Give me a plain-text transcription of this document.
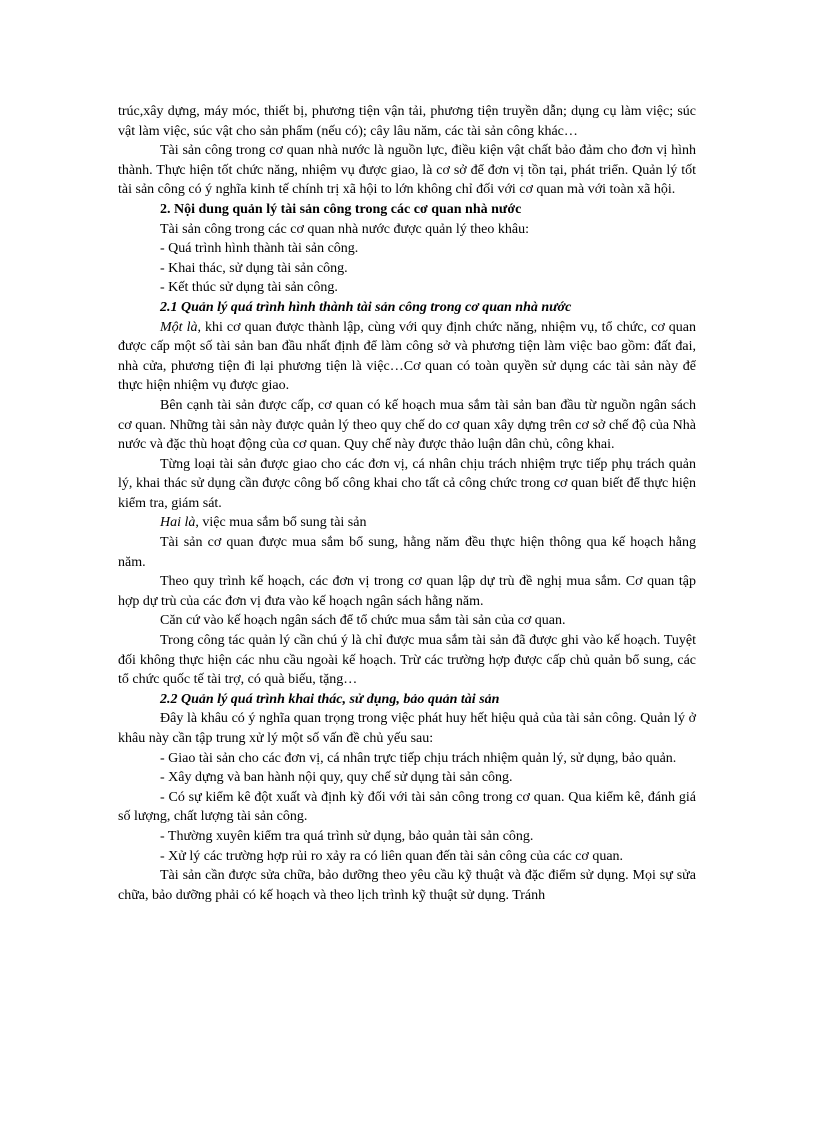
trúc,xây dựng, máy móc, thiết bị, phương tiện vận tải, phương tiện truyền dẫn; dụng cụ làm việc; súc vật làm việc, súc vật cho sản phẩm (nếu có); cây lâu năm, các tài sản công khác…

Tài sản công trong cơ quan nhà nước là nguồn lực, điều kiện vật chất bảo đảm cho đơn vị hình thành. Thực hiện tốt chức năng, nhiệm vụ được giao, là cơ sở để đơn vị tồn tại, phát triển. Quản lý tốt tài sản công có ý nghĩa kinh tế chính trị xã hội to lớn không chỉ đối với cơ quan mà với toàn xã hội.

2. Nội dung quản lý tài sản công trong các cơ quan nhà nước

Tài sản công trong các cơ quan nhà nước được quản lý theo khâu:

- Quá trình hình thành tài sản công.

- Khai thác, sử dụng tài sản công.

- Kết thúc sử dụng tài sản công.

2.1 Quản lý quá trình hình thành tài sản công trong cơ quan nhà nước

Một là, khi cơ quan được thành lập, cùng với quy định chức năng, nhiệm vụ, tổ chức, cơ quan được cấp một số tài sản ban đầu nhất định để làm công sở và phương tiện làm việc bao gồm: đất đai, nhà cửa, phương tiện đi lại phương tiện là việc…Cơ quan có toàn quyền sử dụng các tài sản này để thực hiện nhiệm vụ được giao.

Bên cạnh tài sản được cấp, cơ quan có kế hoạch mua sắm tài sản ban đầu từ nguồn ngân sách cơ quan. Những tài sản này được quản lý theo quy chế do cơ quan xây dựng trên cơ sở chế độ của Nhà nước và đặc thù hoạt động của cơ quan. Quy chế này được thảo luận dân chủ, công khai.

Từng loại tài sản được giao cho các đơn vị, cá nhân chịu trách nhiệm trực tiếp phụ trách quản lý, khai thác sử dụng cần được công bố công khai cho tất cả công chức trong cơ quan biết để thực hiện kiểm tra, giám sát.

Hai là, việc mua sắm bổ sung tài sản

Tài sản cơ quan được mua sắm bổ sung, hằng năm đều thực hiện thông qua kế hoạch hằng năm.

Theo quy trình kế hoạch, các đơn vị trong cơ quan lập dự trù đề nghị mua sắm. Cơ quan tập hợp dự trù của các đơn vị đưa vào kế hoạch ngân sách hằng năm.

Căn cứ vào kế hoạch ngân sách để tổ chức mua sắm tài sản của cơ quan.

Trong công tác quản lý cần chú ý là chỉ được mua sắm tài sản đã được ghi vào kế hoạch. Tuyệt đối không thực hiện các nhu cầu ngoài kế hoạch. Trừ các trường hợp được cấp chủ quản bổ sung, các tổ chức quốc tế tài trợ, có quà biếu, tặng…

2.2 Quản lý quá trình khai thác, sử dụng, bảo quản tài sản

Đây là khâu có ý nghĩa quan trọng trong việc phát huy hết hiệu quả của tài sản công. Quản lý ở khâu này cần tập trung xử lý một số vấn đề chủ yếu sau:

- Giao tài sản cho các đơn vị, cá nhân trực tiếp chịu trách nhiệm quản lý, sử dụng, bảo quản.

- Xây dựng và ban hành nội quy, quy chế sử dụng tài sản công.

- Có sự kiểm kê đột xuất và định kỳ đối với tài sản công trong cơ quan. Qua kiểm kê, đánh giá số lượng, chất lượng tài sản công.

- Thường xuyên kiểm tra quá trình sử dụng, bảo quản tài sản công.

- Xử lý các trường hợp rủi ro xảy ra có liên quan đến tài sản công của các cơ quan.

Tài sản cần được sửa chữa, bảo dưỡng theo yêu cầu kỹ thuật và đặc điểm sử dụng. Mọi sự sửa chữa, bảo dưỡng phải có kế hoạch và theo lịch trình kỹ thuật sử dụng. Tránh
